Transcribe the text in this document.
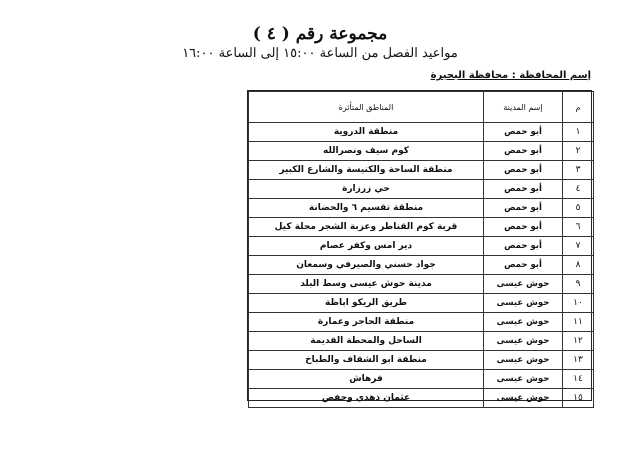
مجموعة رقم ( ٤ )
مواعيد الفصل من الساعة ١٥:٠٠ إلى الساعة ١٦:٠٠
إسم المحافظة : محافظة البحيرة
م	إسم المدينة	المناطق المتأثرة
١	أبو حمص	منطقة الدروية
٢	أبو حمص	كوم سيف ونصرالله
٣	أبو حمص	منطقة الساحة والكنيسة والشارع الكبير
٤	أبو حمص	حي زرزارة
٥	أبو حمص	منطقة تقسيم ٦ والحضانة
٦	أبو حمص	قرية كوم القناطر وعزبة الشجر محلة كيل
٧	أبو حمص	دير امس وكفر عصام
٨	أبو حمص	جواد حسني والصيرفي وسمعان
٩	حوش عيسى	مدينة حوش عيسى وسط البلد
١٠	حوش عيسى	طريق الريكو اباظة
١١	حوش عيسى	منطقة الحاجر وعمارة
١٢	حوش عيسى	الساحل والمحطة القديمة
١٣	حوش عيسى	منطقة ابو الشقاف والطباخ
١٤	حوش عيسى	فرهاش
١٥	حوش عيسى	عثمان ذهدي وحفص
